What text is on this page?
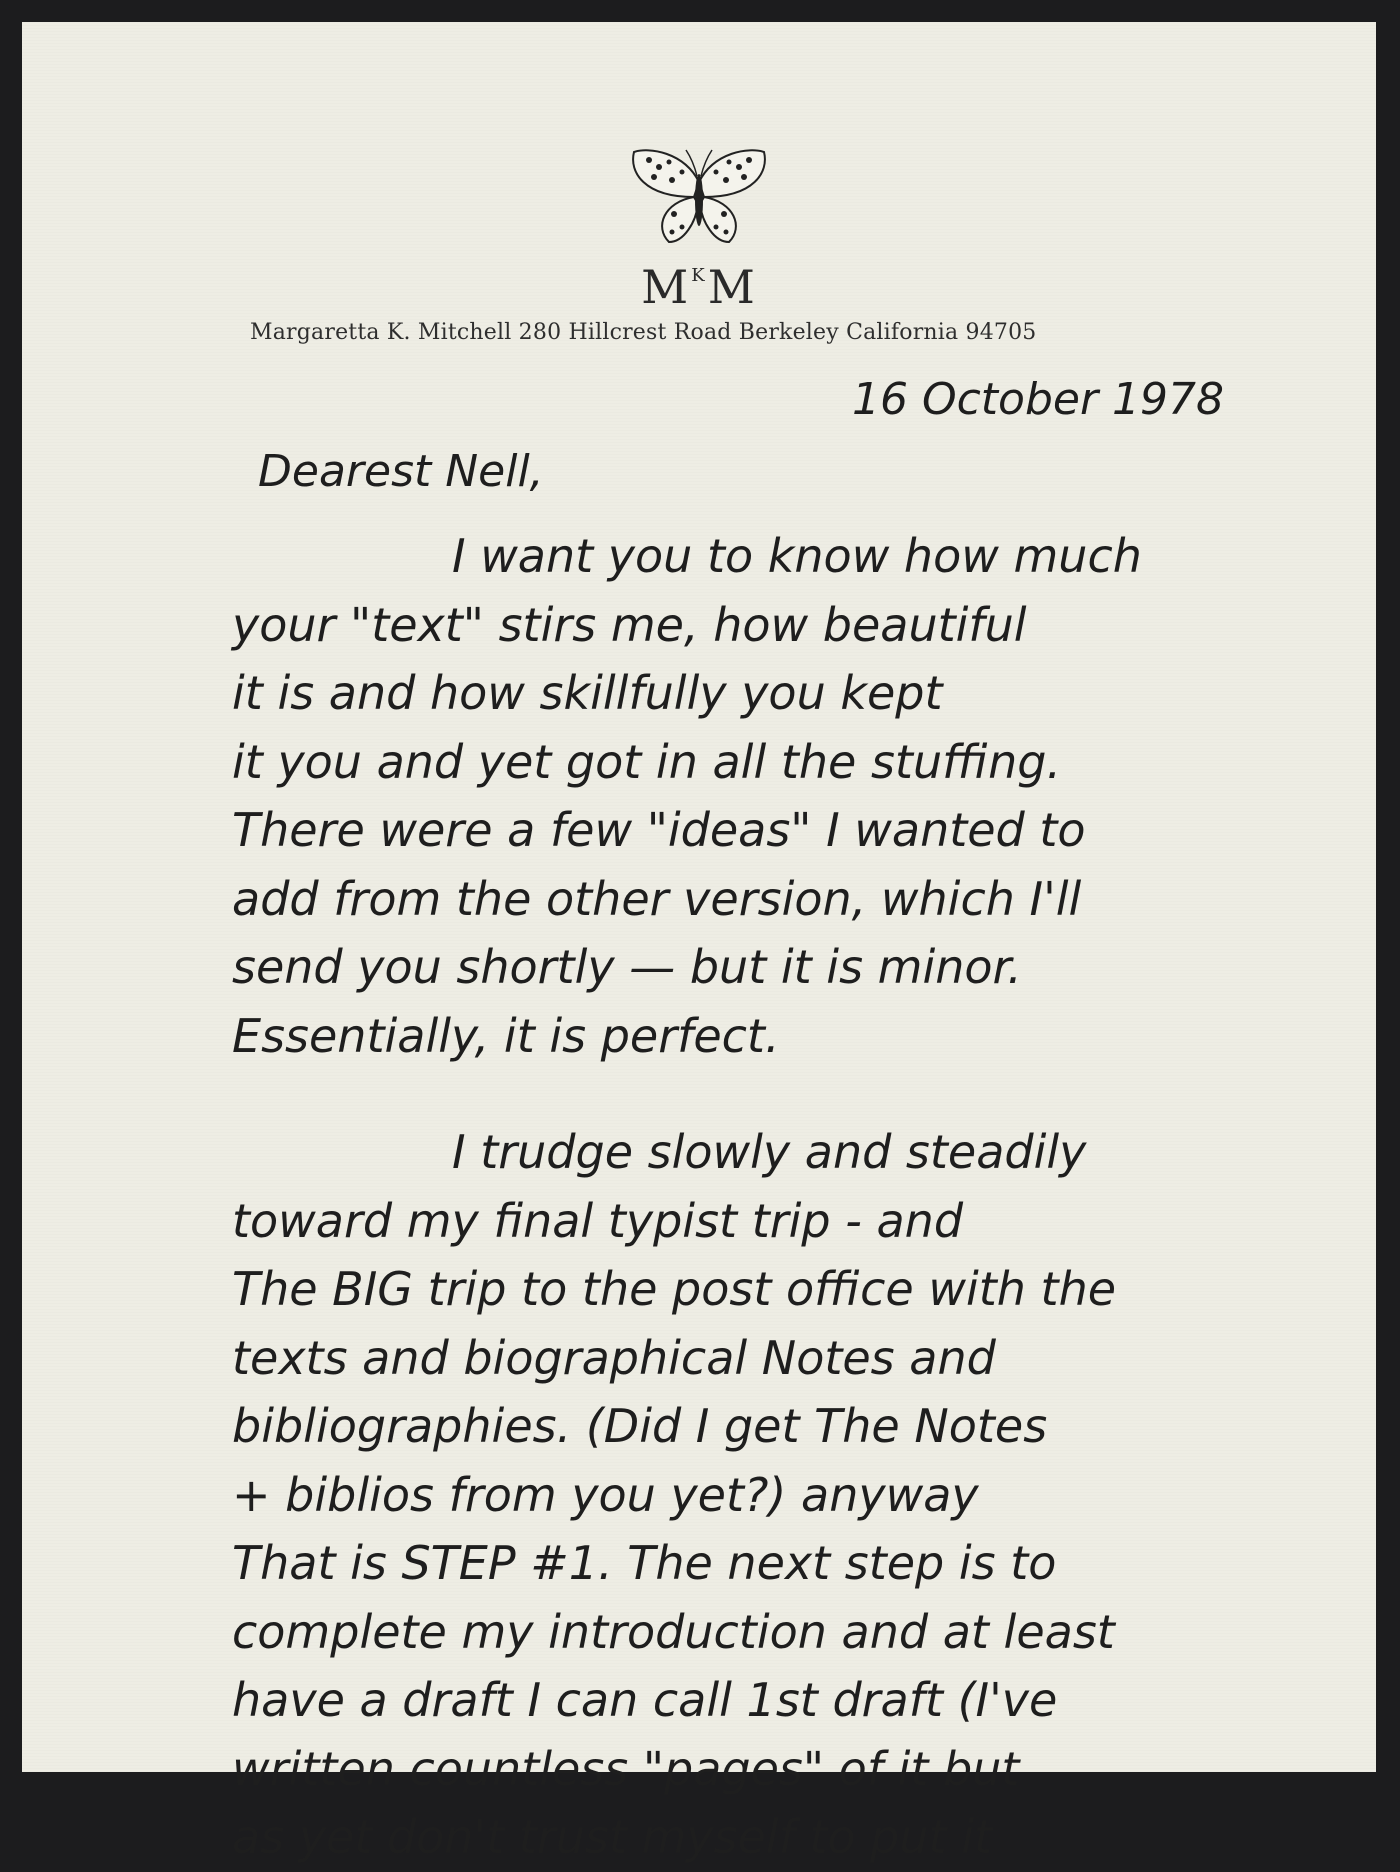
$M^KM$
Margaretta K. Mitchell 280 Hillcrest Road Berkeley California 94705
16 October 1978
Dearest Nell,
I want you to know how much
your "text" stirs me, how beautiful
it is and how skillfully you kept
it you and yet got in all the stuffing.
There were a few "ideas" I wanted to
add from the other version, which I'll
send you shortly — but it is minor.
Essentially, it is perfect.
I trudge slowly and steadily
toward my final typist trip - and
The BIG trip to the post office with the
texts and biographical Notes and
bibliographies. (Did I get The Notes
+ biblios from you yet?) anyway
That is STEP #1. The next step is to
complete my introduction and at least
have a draft I can call 1st draft (I've
written countless "pages" of it but
as yet don't trust myself to put it
